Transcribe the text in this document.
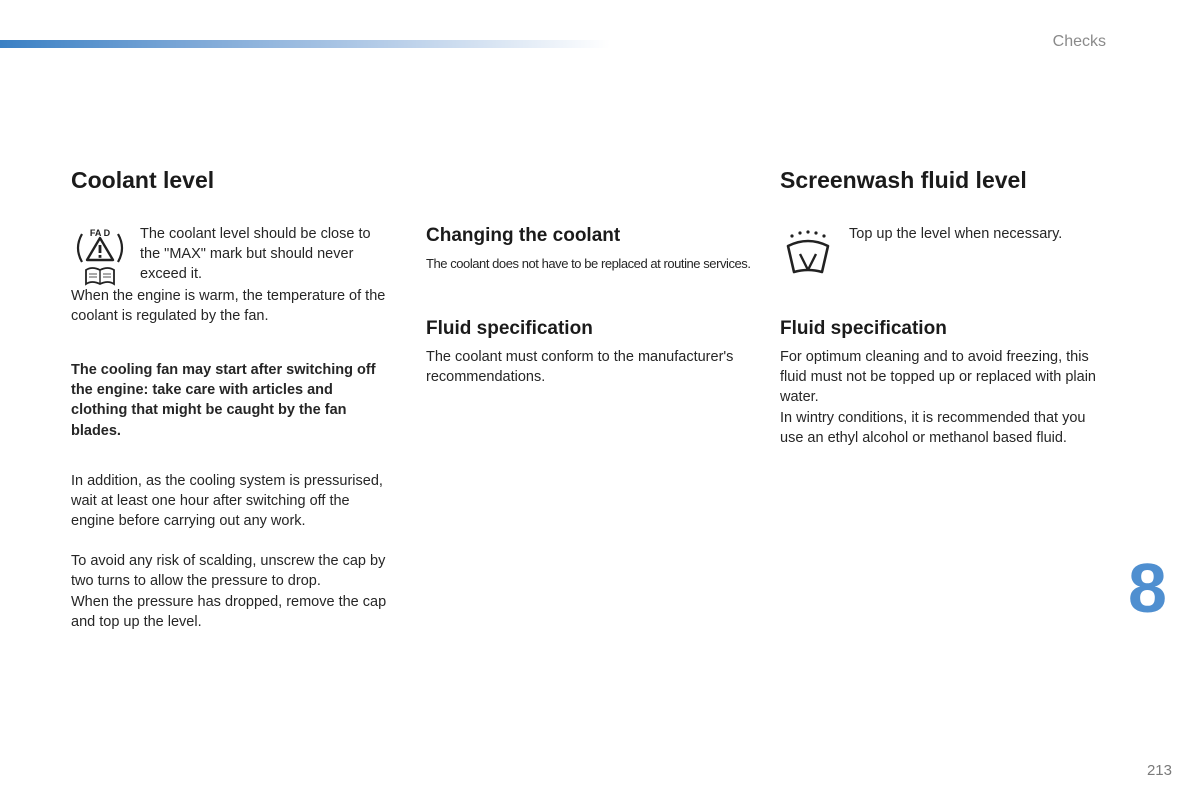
Checks
Coolant level
FA D The coolant level should be close to the "MAX" mark but should never exceed it.

When the engine is warm, the temperature of the coolant is regulated by the fan.

The cooling fan may start after switching off the engine: take care with articles and clothing that might be caught by the fan blades.

In addition, as the cooling system is pressurised, wait at least one hour after switching off the engine before carrying out any work.

To avoid any risk of scalding, unscrew the cap by two turns to allow the pressure to drop.

When the pressure has dropped, remove the cap and top up the level.

Changing the coolant

The coolant does not have to be replaced at routine services.

Fluid specification

The coolant must conform to the manufacturer's recommendations.

Screenwash fluid level

Top up the level when necessary.

Fluid specification

For optimum cleaning and to avoid freezing, this fluid must not be topped up or replaced with plain water.

In wintry conditions, it is recommended that you use an ethyl alcohol or methanol based fluid.

8
213
